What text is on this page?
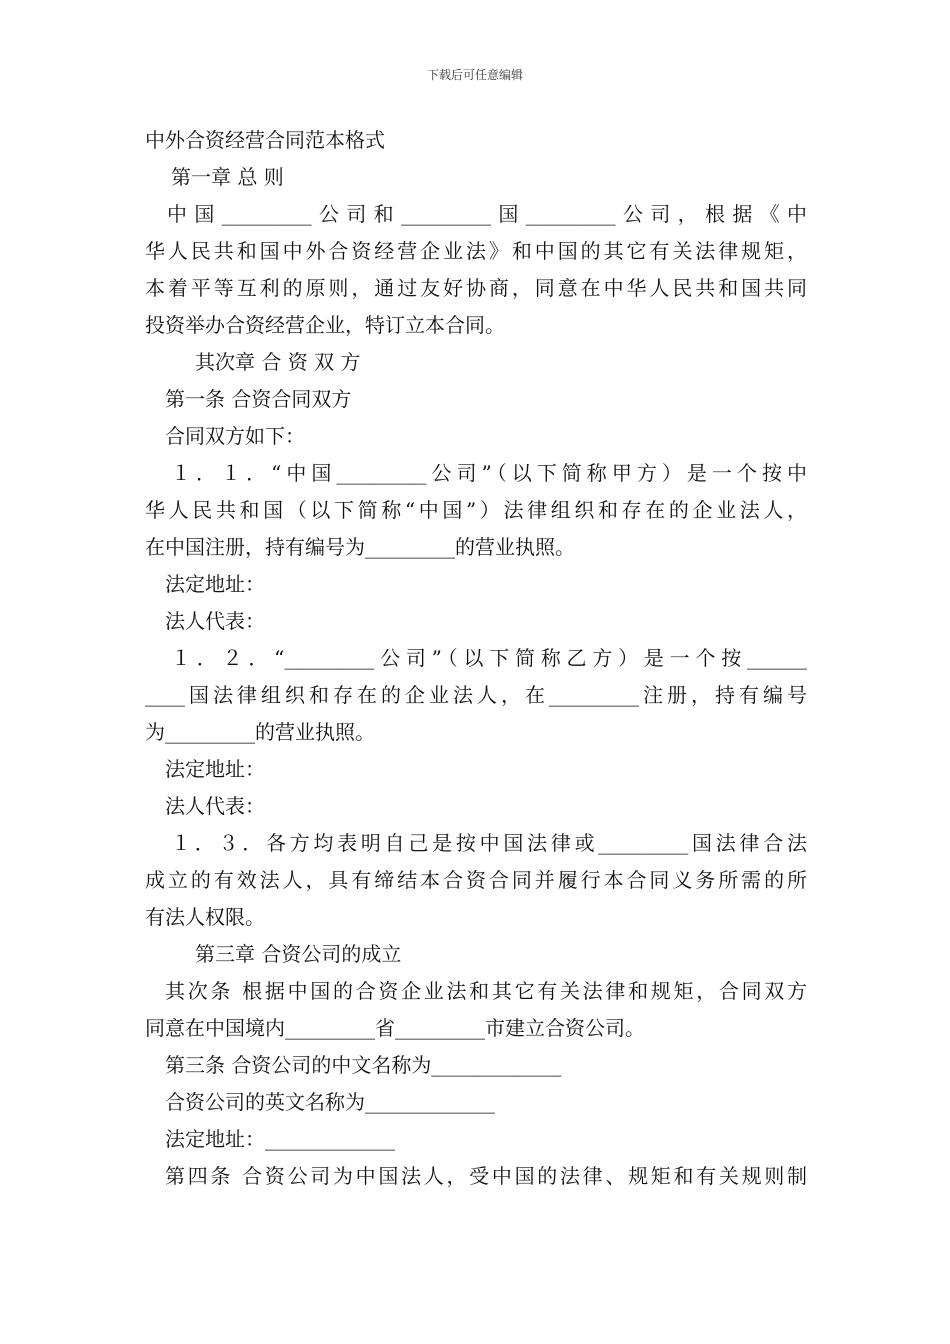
下载后可任意编辑
中外合资经营合同范本格式
第一章 总 则
中国_________公司和_________国_________公司，根据《中
华人民共和国中外合资经营企业法》和中国的其它有关法律规矩，
本着平等互利的原则，通过友好协商，同意在中华人民共和国共同
投资举办合资经营企业，特订立本合同。
其次章 合 资 双 方
第一条 合资合同双方
合同双方如下：
１．１．“中国_________公司”（以下简称甲方）是一个按中
华人民共和国（以下简称“中国”）法律组织和存在的企业法人，
在中国注册，持有编号为_________的营业执照。
法定地址：
法人代表：
１．２．“_________公司”（以下简称乙方）是一个按______
____国法律组织和存在的企业法人，在_________注册，持有编号
为_________的营业执照。
法定地址：
法人代表：
１．３．各方均表明自己是按中国法律或_________国法律合法
成立的有效法人，具有缔结本合资合同并履行本合同义务所需的所
有法人权限。
第三章 合资公司的成立
其次条 根据中国的合资企业法和其它有关法律和规矩，合同双方
同意在中国境内_________省_________市建立合资公司。
第三条 合资公司的中文名称为_____________
合资公司的英文名称为_____________
法定地址：_____________
第四条 合资公司为中国法人，受中国的法律、规矩和有关规则制
